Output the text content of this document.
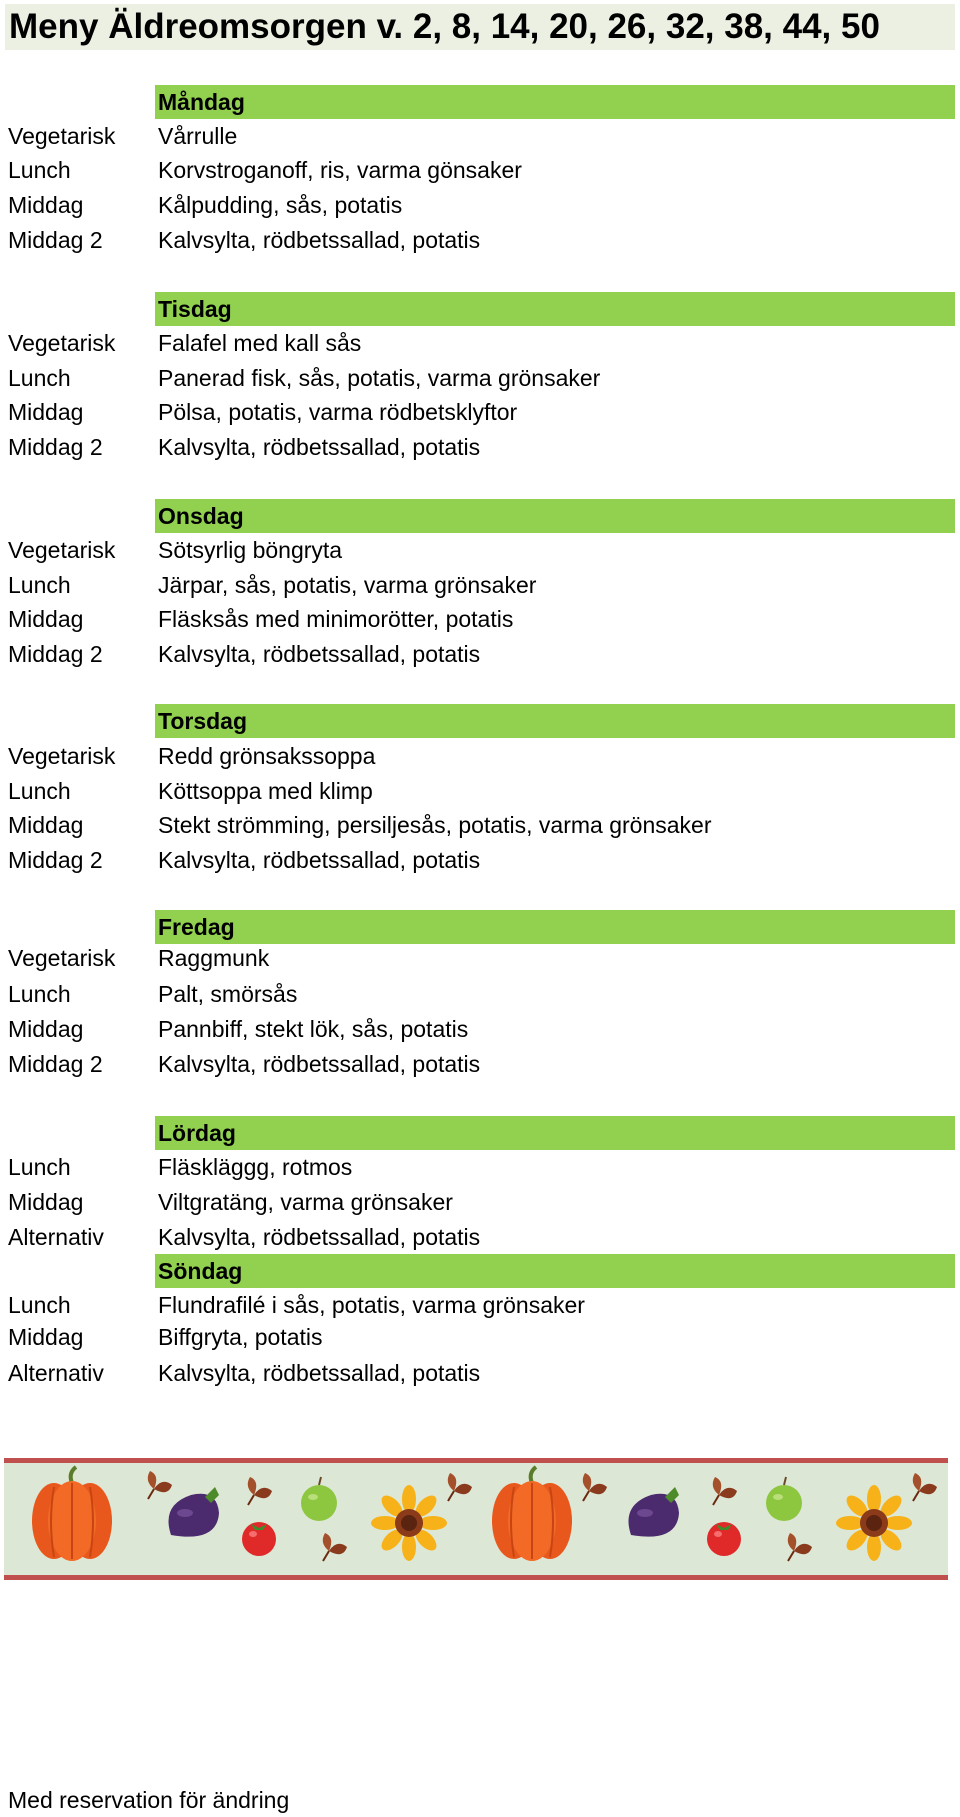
Meny Äldreomsorgen v. 2, 8, 14, 20, 26, 32, 38, 44, 50
Måndag
Vegetarisk	Vårrulle
Lunch	Korvstroganoff, ris, varma gönsaker
Middag	Kålpudding, sås, potatis
Middag 2	Kalvsylta, rödbetssallad, potatis
Tisdag
Vegetarisk	Falafel med kall sås
Lunch	Panerad fisk, sås, potatis, varma grönsaker
Middag	Pölsa, potatis, varma rödbetsklyftor
Middag 2	Kalvsylta, rödbetssallad, potatis
Onsdag
Vegetarisk	Sötsyrlig böngryta
Lunch	Järpar, sås, potatis, varma grönsaker
Middag	Fläsksås med minimorötter, potatis
Middag 2	Kalvsylta, rödbetssallad, potatis
Torsdag
Vegetarisk	Redd grönsakssoppa
Lunch	Köttsoppa med klimp
Middag	Stekt strömming, persiljesås, potatis, varma grönsaker
Middag 2	Kalvsylta, rödbetssallad, potatis
Fredag
Vegetarisk	Raggmunk
Lunch	Palt, smörsås
Middag	Pannbiff, stekt lök, sås, potatis
Middag 2	Kalvsylta, rödbetssallad, potatis
Lördag
Lunch	Fläskläggg, rotmos
Middag	Viltgratäng, varma grönsaker
Alternativ	Kalvsylta, rödbetssallad, potatis
Söndag
Lunch	Flundrafilé i sås, potatis, varma grönsaker
Middag	Biffgryta, potatis
Alternativ	Kalvsylta, rödbetssallad, potatis
Med reservation för ändring
